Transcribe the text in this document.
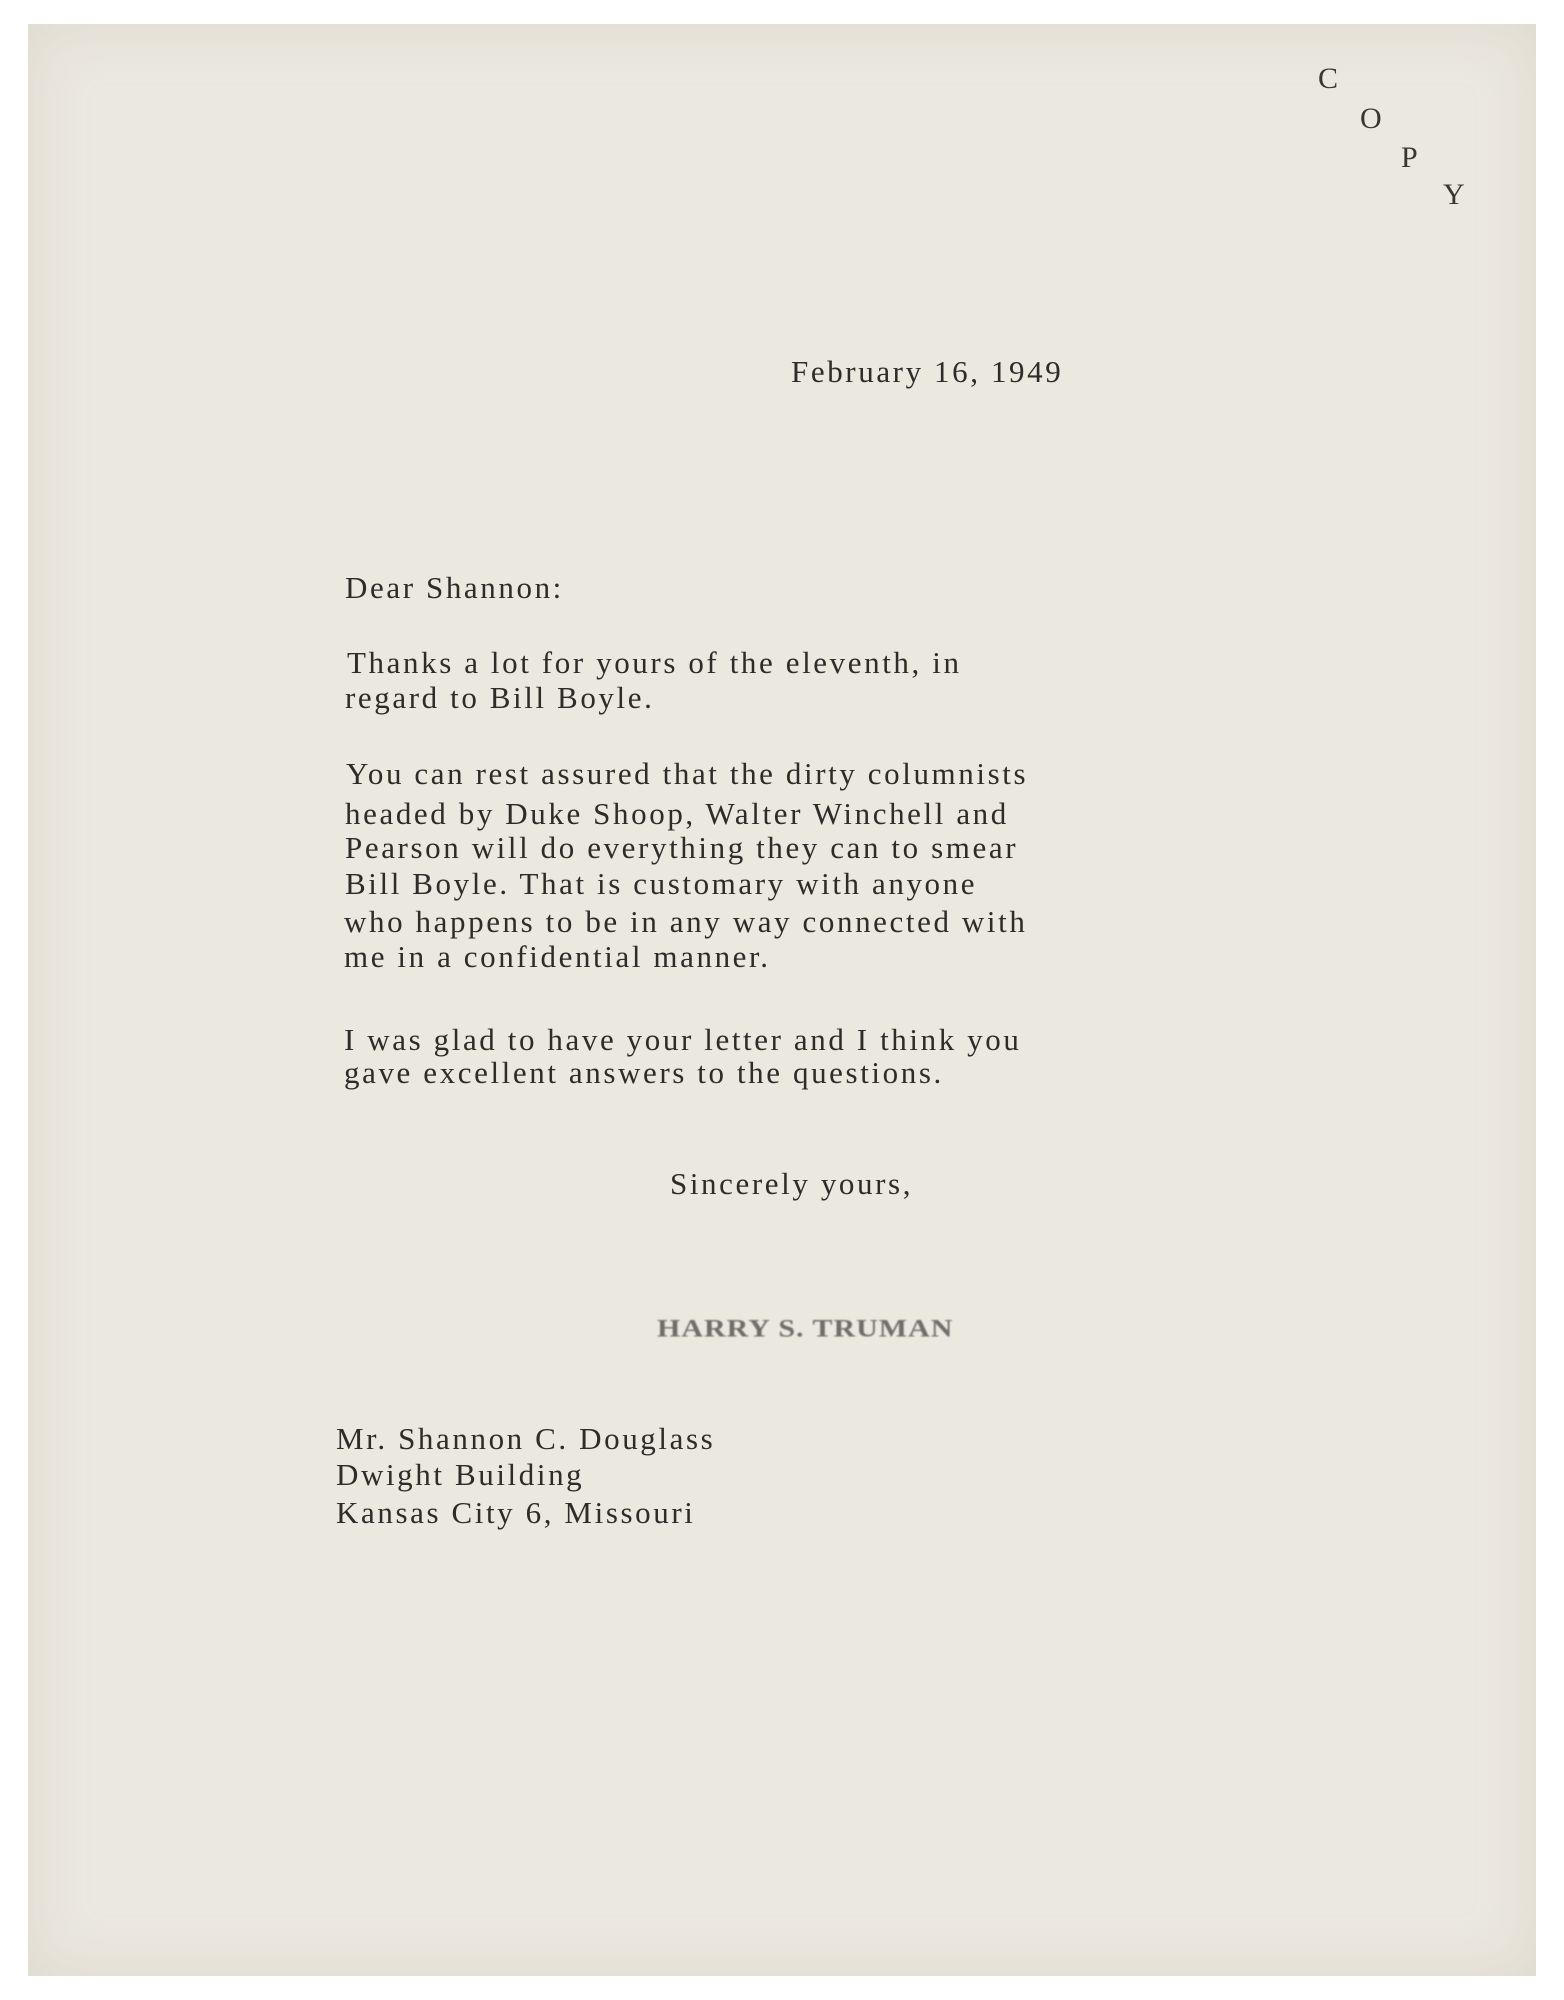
C
O
P
Y
February 16, 1949
Dear Shannon:
Thanks a lot for yours of the eleventh, in
regard to Bill Boyle.
You can rest assured that the dirty columnists
headed by Duke Shoop, Walter Winchell and
Pearson will do everything they can to smear
Bill Boyle. That is customary with anyone
who happens to be in any way connected with
me in a confidential manner.
I was glad to have your letter and I think you
gave excellent answers to the questions.
Sincerely yours,
HARRY S. TRUMAN
Mr. Shannon C. Douglass
Dwight Building
Kansas City 6, Missouri
